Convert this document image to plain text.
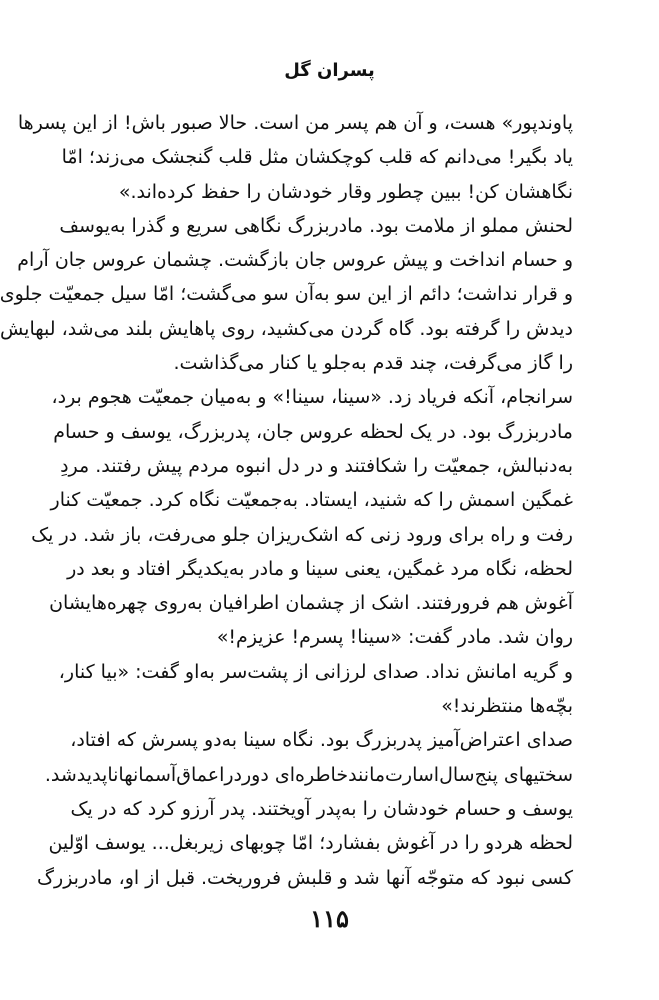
پسران گل
پاوندپور» هست، و آن هم پسر من است. حالا صبور باش! از این پسرها
یاد بگیر! می‌دانم که قلب کوچکشان مثل قلب گنجشک می‌زند؛ امّا
نگاهشان کن! ببین چطور وقار خودشان را حفظ کرده‌اند.»
لحنش مملو از ملامت بود. مادربزرگ نگاهی سریع و گذرا به‌یوسف
و حسام انداخت و پیش عروس جان بازگشت. چشمان عروس جان آرام
و قرار نداشت؛ دائم از این سو به‌آن سو می‌گشت؛ امّا سیل جمعیّت جلوی
دیدش را گرفته بود. گاه گردن می‌کشید، روی پاهایش بلند می‌شد، لبهایش
را گاز می‌گرفت، چند قدم به‌جلو یا کنار می‌گذاشت.
سرانجام، آنکه فریاد زد. «سینا، سینا!» و به‌میان جمعیّت هجوم برد،
مادربزرگ بود. در یک لحظه عروس جان، پدربزرگ، یوسف و حسام
به‌دنبالش، جمعیّت را شکافتند و در دل انبوه مردم پیش رفتند. مردِ
غمگین اسمش را که شنید، ایستاد. به‌جمعیّت نگاه کرد. جمعیّت کنار
رفت و راه برای ورود زنی که اشک‌ریزان جلو می‌رفت، باز شد. در یک
لحظه، نگاه مرد غمگین، یعنی سینا و مادر به‌یکدیگر افتاد و بعد در
آغوش هم فرورفتند. اشک از چشمان اطرافیان به‌روی چهره‌هایشان
روان شد. مادر گفت: «سینا! پسرم! عزیزم!»
و گریه امانش نداد. صدای لرزانی از پشت‌سر به‌او گفت: «بیا کنار،
بچّه‌ها منتظرند!»
صدای اعتراض‌آمیز پدربزرگ بود. نگاه سینا به‌دو پسرش که افتاد،
سختیهای پنج‌سال‌اسارت‌مانندخاطره‌ای دوردراعماق‌آسمانهاناپدیدشد.
یوسف و حسام خودشان را به‌پدر آویختند. پدر آرزو کرد که در یک
لحظه هردو را در آغوش بفشارد؛ امّا چوبهای زیربغل... یوسف اوّلین
کسی نبود که متوجّه آنها شد و قلبش فروریخت. قبل از او، مادربزرگ
۱۱۵
